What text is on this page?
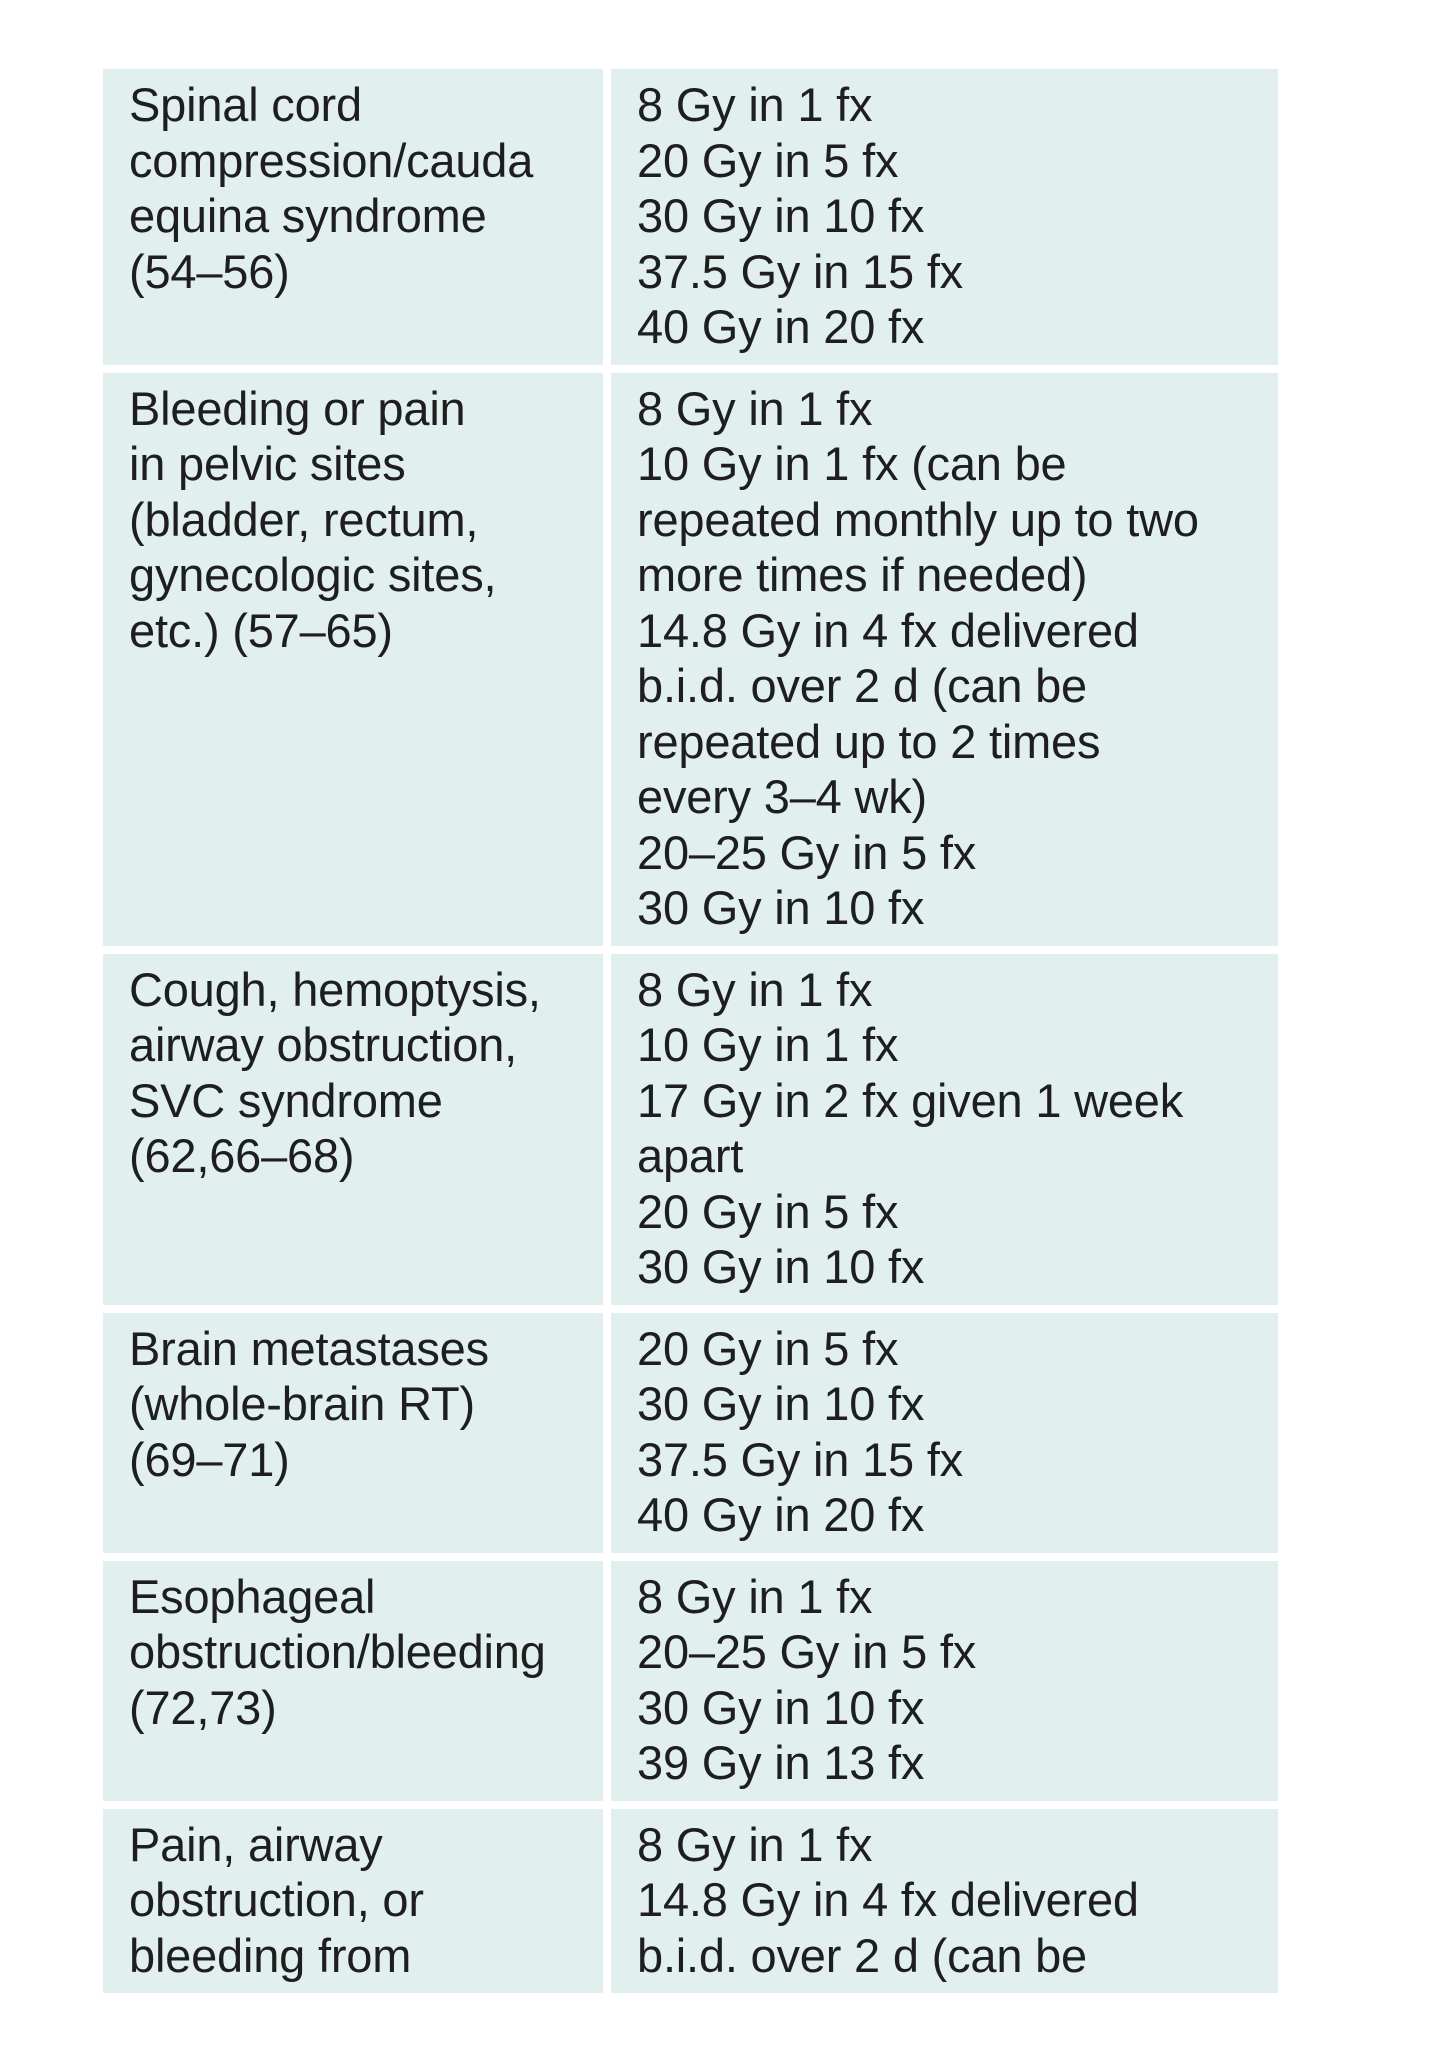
Spinal cord
compression/cauda
equina syndrome
(54–56)
8 Gy in 1 fx
20 Gy in 5 fx
30 Gy in 10 fx
37.5 Gy in 15 fx
40 Gy in 20 fx
Bleeding or pain
in pelvic sites
(bladder, rectum,
gynecologic sites,
etc.) (57–65)
8 Gy in 1 fx
10 Gy in 1 fx (can be
repeated monthly up to two
more times if needed)
14.8 Gy in 4 fx delivered
b.i.d. over 2 d (can be
repeated up to 2 times
every 3–4 wk)
20–25 Gy in 5 fx
30 Gy in 10 fx
Cough, hemoptysis,
airway obstruction,
SVC syndrome
(62,66–68)
8 Gy in 1 fx
10 Gy in 1 fx
17 Gy in 2 fx given 1 week
apart
20 Gy in 5 fx
30 Gy in 10 fx
Brain metastases
(whole-brain RT)
(69–71)
20 Gy in 5 fx
30 Gy in 10 fx
37.5 Gy in 15 fx
40 Gy in 20 fx
Esophageal
obstruction/bleeding
(72,73)
8 Gy in 1 fx
20–25 Gy in 5 fx
30 Gy in 10 fx
39 Gy in 13 fx
Pain, airway
obstruction, or
bleeding from
8 Gy in 1 fx
14.8 Gy in 4 fx delivered
b.i.d. over 2 d (can be
